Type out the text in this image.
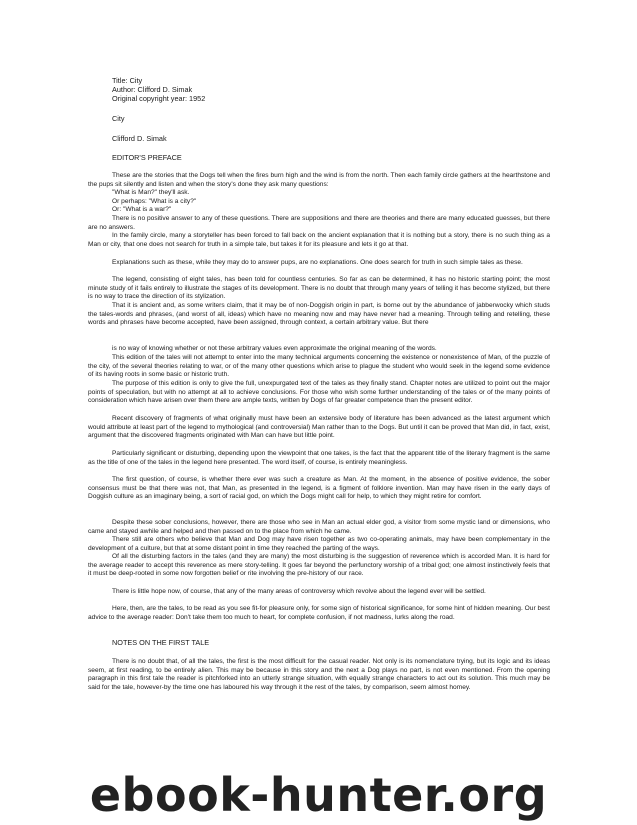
Title: City
Author: Clifford D. Simak
Original copyright year: 1952
City
Clifford D. Simak
EDITOR'S PREFACE
These are the stories that the Dogs tell when the fires burn high and the wind is from the north. Then each family circle gathers at the hearthstone and the pups sit silently and listen and when the story's done they ask many questions:
"What is Man?" they'll ask.
Or perhaps: "What is a city?"
Or: "What is a war?"
There is no positive answer to any of these questions. There are suppositions and there are theories and there are many educated guesses, but there are no answers.
In the family circle, many a storyteller has been forced to fall back on the ancient explanation that it is nothing but a story, there is no such thing as a Man or city, that one does not search for truth in a simple tale, but takes it for its pleasure and lets it go at that.
Explanations such as these, while they may do to answer pups, are no explanations. One does search for truth in such simple tales as these.
The legend, consisting of eight tales, has been told for countless centuries. So far as can be determined, it has no historic starting point; the most minute study of it fails entirely to illustrate the stages of its development. There is no doubt that through many years of telling it has become stylized, but there is no way to trace the direction of its stylization.
That it is ancient and, as some writers claim, that it may be of non-Doggish origin in part, is borne out by the abundance of jabberwocky which studs the tales-words and phrases, (and worst of all, ideas) which have no meaning now and may have never had a meaning. Through telling and retelling, these words and phrases have become accepted, have been assigned, through context, a certain arbitrary value. But there
is no way of knowing whether or not these arbitrary values even approximate the original meaning of the words.
This edition of the tales will not attempt to enter into the many technical arguments concerning the existence or nonexistence of Man, of the puzzle of the city, of the several theories relating to war, or of the many other questions which arise to plague the student who would seek in the legend some evidence of its having roots in some basic or historic truth.
The purpose of this edition is only to give the full, unexpurgated text of the tales as they finally stand. Chapter notes are utilized to point out the major points of speculation, but with no attempt at all to achieve conclusions. For those who wish some further understanding of the tales or of the many points of consideration which have arisen over them there are ample texts, written by Dogs of far greater competence than the present editor.
Recent discovery of fragments of what originally must have been an extensive body of literature has been advanced as the latest argument which would attribute at least part of the legend to mythological (and controversial) Man rather than to the Dogs. But until it can be proved that Man did, in fact, exist, argument that the discovered fragments originated with Man can have but little point.
Particularly significant or disturbing, depending upon the viewpoint that one takes, is the fact that the apparent title of the literary fragment is the same as the title of one of the tales in the legend here presented. The word itself, of course, is entirely meaningless.
The first question, of course, is whether there ever was such a creature as Man. At the moment, in the absence of positive evidence, the sober consensus must be that there was not, that Man, as presented in the legend, is a figment of folklore invention. Man may have risen in the early days of Doggish culture as an imaginary being, a sort of racial god, on which the Dogs might call for help, to which they might retire for comfort.
Despite these sober conclusions, however, there are those who see in Man an actual elder god, a visitor from some mystic land or dimensions, who came and stayed awhile and helped and then passed on to the place from which he came.
There still are others who believe that Man and Dog may have risen together as two co-operating animals, may have been complementary in the development of a culture, but that at some distant point in time they reached the parting of the ways.
Of all the disturbing factors in the tales (and they are many) the most disturbing is the suggestion of reverence which is accorded Man. It is hard for the average reader to accept this reverence as mere story-telling. It goes far beyond the perfunctory worship of a tribal god; one almost instinctively feels that it must be deep-rooted in some now forgotten belief or rite involving the pre-history of our race.
There is little hope now, of course, that any of the many areas of controversy which revolve about the legend ever will be settled.
Here, then, are the tales, to be read as you see fit-for pleasure only, for some sign of historical significance, for some hint of hidden meaning. Our best advice to the average reader: Don't take them too much to heart, for complete confusion, if not madness, lurks along the road.
NOTES ON THE FIRST TALE
There is no doubt that, of all the tales, the first is the most difficult for the casual reader. Not only is its nomenclature trying, but its logic and its ideas seem, at first reading, to be entirely alien. This may be because in this story and the next a Dog plays no part, is not even mentioned. From the opening paragraph in this first tale the reader is pitchforked into an utterly strange situation, with equally strange characters to act out its solution. This much may be said for the tale, however-by the time one has laboured his way through it the rest of the tales, by comparison, seem almost homey.
ebook-hunter.org
